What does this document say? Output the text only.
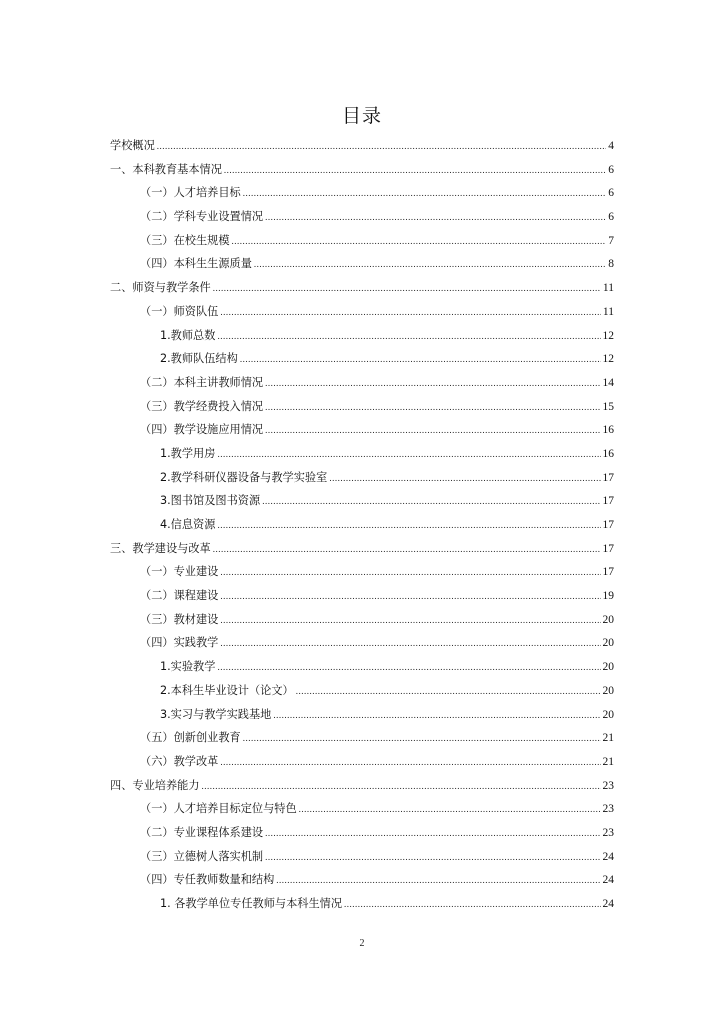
目录
学校概况 .....	4
一、本科教育基本情况 .....	6
（一）人才培养目标 .....	6
（二）学科专业设置情况 .....	6
（三）在校生规模 .....	7
（四）本科生生源质量 .....	8
二、师资与教学条件 .....	11
（一）师资队伍 .....	11
1.教师总数 .....	12
2.教师队伍结构 .....	12
（二）本科主讲教师情况 .....	14
（三）教学经费投入情况 .....	15
（四）教学设施应用情况 .....	16
1.教学用房 .....	16
2.教学科研仪器设备与教学实验室 .....	17
3.图书馆及图书资源 .....	17
4.信息资源 .....	17
三、教学建设与改革 .....	17
（一）专业建设 .....	17
（二）课程建设 .....	19
（三）教材建设 .....	20
（四）实践教学 .....	20
1.实验教学 .....	20
2.本科生毕业设计（论文） .....	20
3.实习与教学实践基地 .....	20
（五）创新创业教育 .....	21
（六）教学改革 .....	21
四、专业培养能力 .....	23
（一）人才培养目标定位与特色 .....	23
（二）专业课程体系建设 .....	23
（三）立德树人落实机制 .....	24
（四）专任教师数量和结构 .....	24
1. 各教学单位专任教师与本科生情况 .....	24
2
